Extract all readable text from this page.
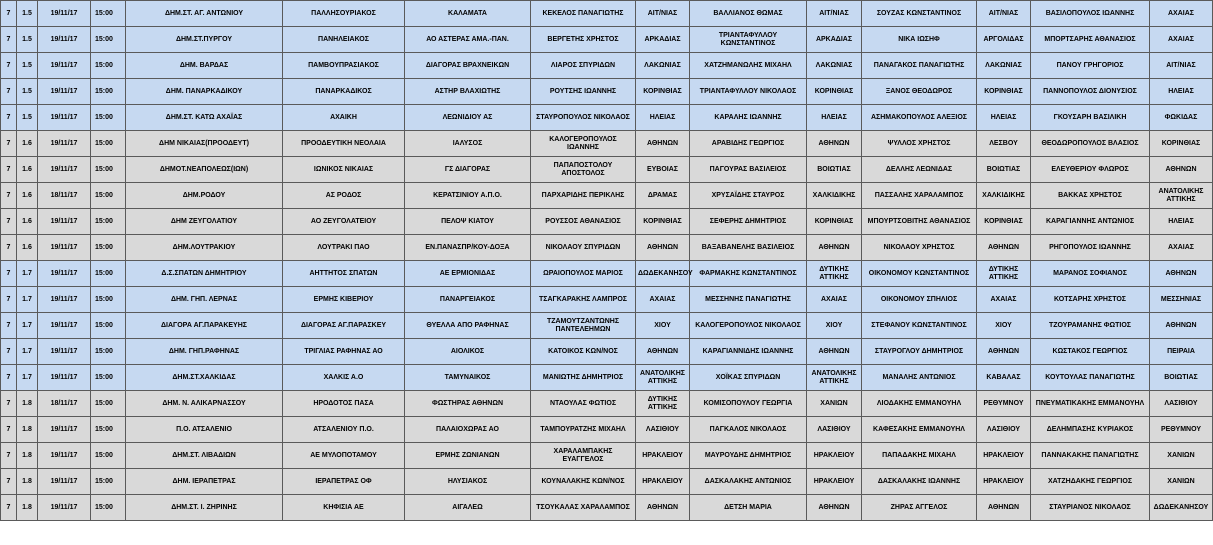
7	1.5	19/11/17	15:00	ΔΗΜ.ΣΤ. ΑΓ. ΑΝΤΩΝΙΟΥ	ΠΑΛΛΗΣΟΥΡΙΑΚΟΣ	ΚΑΛΑΜΑΤΑ	ΚΕΚΕΛΟΣ ΠΑΝΑΓΙΩΤΗΣ	ΑΙΤ/ΝΙΑΣ	ΒΑΛΛΙΑΝΟΣ ΘΩΜΑΣ	ΑΙΤ/ΝΙΑΣ	ΣΟΥΖΑΣ ΚΩΝΣΤΑΝΤΙΝΟΣ	ΑΙΤ/ΝΙΑΣ	ΒΑΣΙΛΟΠΟΥΛΟΣ ΙΩΑΝΝΗΣ	ΑΧΑΙΑΣ
7	1.5	19/11/17	15:00	ΔΗΜ.ΣΤ.ΠΥΡΓΟΥ	ΠΑΝΗΛΕΙΑΚΟΣ	ΑΟ ΑΣΤΕΡΑΣ ΑΜΑ.-ΠΑΝ.	ΒΕΡΓΕΤΗΣ ΧΡΗΣΤΟΣ	ΑΡΚΑΔΙΑΣ	ΤΡΙΑΝΤΑΦΥΛΛΟΥ ΚΩΝΣΤΑΝΤΙΝΟΣ	ΑΡΚΑΔΙΑΣ	ΝΙΚΑ ΙΩΣΗΦ	ΑΡΓΟΛΙΔΑΣ	ΜΠΟΡΤΣΑΡΗΣ ΑΘΑΝΑΣΙΟΣ	ΑΧΑΙΑΣ
7	1.5	19/11/17	15:00	ΔΗΜ. ΒΑΡΔΑΣ	ΠΑΜΒΟΥΠΡΑΣΙΑΚΟΣ	ΔΙΑΓΟΡΑΣ ΒΡΑΧΝΕΙΚΩΝ	ΛΙΑΡΟΣ ΣΠΥΡΙΔΩΝ	ΛΑΚΩΝΙΑΣ	ΧΑΤΖΗΜΑΝΩΛΗΣ ΜΙΧΑΗΛ	ΛΑΚΩΝΙΑΣ	ΠΑΝΑΓΑΚΟΣ ΠΑΝΑΓΙΩΤΗΣ	ΛΑΚΩΝΙΑΣ	ΠΑΝΟΥ ΓΡΗΓΟΡΙΟΣ	ΑΙΤ/ΝΙΑΣ
7	1.5	19/11/17	15:00	ΔΗΜ. ΠΑΝΑΡΚΑΔΙΚΟΥ	ΠΑΝΑΡΚΑΔΙΚΟΣ	ΑΣΤΗΡ ΒΛΑΧΙΩΤΗΣ	ΡΟΥΤΣΗΣ ΙΩΑΝΝΗΣ	ΚΟΡΙΝΘΙΑΣ	ΤΡΙΑΝΤΑΦΥΛΛΟΥ ΝΙΚΟΛΑΟΣ	ΚΟΡΙΝΘΙΑΣ	ΞΑΝΟΣ ΘΕΟΔΩΡΟΣ	ΚΟΡΙΝΘΙΑΣ	ΠΑΝΝΟΠΟΥΛΟΣ ΔΙΟΝΥΣΙΟΣ	ΗΛΕΙΑΣ
7	1.5	19/11/17	15:00	ΔΗΜ.ΣΤ. ΚΑΤΩ ΑΧΑΪΑΣ	ΑΧΑΙΚΗ	ΛΕΩΝΙΔΙΟΥ ΑΣ	ΣΤΑΥΡΟΠΟΥΛΟΣ ΝΙΚΟΛΑΟΣ	ΗΛΕΙΑΣ	ΚΑΡΑΛΗΣ ΙΩΑΝΝΗΣ	ΗΛΕΙΑΣ	ΑΣΗΜΑΚΟΠΟΥΛΟΣ ΑΛΕΞΙΟΣ	ΗΛΕΙΑΣ	ΓΚΟΥΣΑΡΗ ΒΑΣΙΛΙΚΗ	ΦΩΚΙΔΑΣ
7	1.6	19/11/17	15:00	ΔΗΜ ΝΙΚΑΙΑΣ(ΠΡΟΟΔΕΥΤ)	ΠΡΟΟΔΕΥΤΙΚΗ ΝΕΟΛΑΙΑ	ΙΑΛΥΣΟΣ	ΚΑΛΟΓΕΡΟΠΟΥΛΟΣ ΙΩΑΝΝΗΣ	ΑΘΗΝΩΝ	ΑΡΑΒΙΔΗΣ ΓΕΩΡΓΙΟΣ	ΑΘΗΝΩΝ	ΨΥΛΛΟΣ ΧΡΗΣΤΟΣ	ΛΕΣΒΟΥ	ΘΕΟΔΩΡΟΠΟΥΛΟΣ ΒΛΑΣΙΟΣ	ΚΟΡΙΝΘΙΑΣ
7	1.6	19/11/17	15:00	ΔΗΜΟΤ.ΝΕΑΠΟΛΕΩΣ(ΙΩΝ)	ΙΩΝΙΚΟΣ ΝΙΚΑΙΑΣ	ΓΣ ΔΙΑΓΟΡΑΣ	ΠΑΠΑΠΟΣΤΟΛΟΥ ΑΠΟΣΤΟΛΟΣ	ΕΥΒΟΙΑΣ	ΠΑΓΟΥΡΑΣ ΒΑΣΙΛΕΙΟΣ	ΒΟΙΩΤΙΑΣ	ΔΕΛΛΗΣ ΛΕΩΝΙΔΑΣ	ΒΟΙΩΤΙΑΣ	ΕΛΕΥΘΕΡΙΟΥ ΦΛΩΡΟΣ	ΑΘΗΝΩΝ
7	1.6	18/11/17	15:00	ΔΗΜ.ΡΟΔΟΥ	ΑΣ ΡΟΔΟΣ	ΚΕΡΑΤΣΙΝΙΟΥ Α.Π.Ο.	ΠΑΡΧΑΡΙΔΗΣ ΠΕΡΙΚΛΗΣ	ΔΡΑΜΑΣ	ΧΡΥΣΑΪΔΗΣ ΣΤΑΥΡΟΣ	ΧΑΛΚΙΔΙΚΗΣ	ΠΑΣΣΑΛΗΣ ΧΑΡΑΛΑΜΠΟΣ	ΧΑΛΚΙΔΙΚΗΣ	ΒΑΚΚΑΣ ΧΡΗΣΤΟΣ	ΑΝΑΤΟΛΙΚΗΣ ΑΤΤΙΚΗΣ
7	1.6	19/11/17	15:00	ΔΗΜ ΖΕΥΓΟΛΑΤΙΟΥ	ΑΟ ΖΕΥΓΟΛΑΤΕΙΟΥ	ΠΕΛΟΨ ΚΙΑΤΟΥ	ΡΟΥΣΣΟΣ ΑΘΑΝΑΣΙΟΣ	ΚΟΡΙΝΘΙΑΣ	ΣΕΦΕΡΗΣ ΔΗΜΗΤΡΙΟΣ	ΚΟΡΙΝΘΙΑΣ	ΜΠΟΥΡΤΣΟΒΙΤΗΣ ΑΘΑΝΑΣΙΟΣ	ΚΟΡΙΝΘΙΑΣ	ΚΑΡΑΓΙΑΝΝΗΣ ΑΝΤΩΝΙΟΣ	ΗΛΕΙΑΣ
7	1.6	19/11/17	15:00	ΔΗΜ.ΛΟΥΤΡΑΚΙΟΥ	ΛΟΥΤΡΑΚΙ ΠΑΟ	ΕΝ.ΠΑΝΑΣΠΡ/ΚΟΥ-ΔΟΞΑ	ΝΙΚΟΛΑΟΥ ΣΠΥΡΙΔΩΝ	ΑΘΗΝΩΝ	ΒΑΞΑΒΑΝΕΛΗΣ ΒΑΣΙΛΕΙΟΣ	ΑΘΗΝΩΝ	ΝΙΚΟΛΑΟΥ ΧΡΗΣΤΟΣ	ΑΘΗΝΩΝ	ΡΗΓΟΠΟΥΛΟΣ ΙΩΑΝΝΗΣ	ΑΧΑΙΑΣ
7	1.7	19/11/17	15:00	Δ.Σ.ΣΠΑΤΩΝ ΔΗΜΗΤΡΙΟΥ	ΑΗΤΤΗΤΟΣ ΣΠΑΤΩΝ	ΑΕ ΕΡΜΙΟΝΙΔΑΣ	ΩΡΑΙΟΠΟΥΛΟΣ ΜΑΡΙΟΣ	ΔΩΔΕΚΑΝΗΣΟΥ	ΦΑΡΜΑΚΗΣ ΚΩΝΣΤΑΝΤΙΝΟΣ	ΔΥΤΙΚΗΣ ΑΤΤΙΚΗΣ	ΟΙΚΟΝΟΜΟΥ ΚΩΝΣΤΑΝΤΙΝΟΣ	ΔΥΤΙΚΗΣ ΑΤΤΙΚΗΣ	ΜΑΡΑΝΟΣ ΣΟΦΙΑΝΟΣ	ΑΘΗΝΩΝ
7	1.7	19/11/17	15:00	ΔΗΜ. ΓΗΠ. ΛΕΡΝΑΣ	ΕΡΜΗΣ ΚΙΒΕΡΙΟΥ	ΠΑΝΑΡΓΕΙΑΚΟΣ	ΤΣΑΓΚΑΡΑΚΗΣ ΛΑΜΠΡΟΣ	ΑΧΑΙΑΣ	ΜΕΣΣΗΝΗΣ ΠΑΝΑΓΙΩΤΗΣ	ΑΧΑΙΑΣ	ΟΙΚΟΝΟΜΟΥ ΣΠΗΛΙΟΣ	ΑΧΑΙΑΣ	ΚΟΤΣΑΡΗΣ ΧΡΗΣΤΟΣ	ΜΕΣΣΗΝΙΑΣ
7	1.7	19/11/17	15:00	ΔΙΑΓΟΡΑ ΑΓ.ΠΑΡΑΚΕΥΗΣ	ΔΙΑΓΟΡΑΣ ΑΓ.ΠΑΡΑΣΚΕΥ	ΘΥΕΛΛΑ ΑΠΟ ΡΑΦΗΝΑΣ	ΤΖΑΜΟΥΤΖΑΝΤΩΝΗΣ ΠΑΝΤΕΛΕΗΜΩΝ	ΧΙΟΥ	ΚΑΛΟΓΕΡΟΠΟΥΛΟΣ ΝΙΚΟΛΑΟΣ	ΧΙΟΥ	ΣΤΕΦΑΝΟΥ ΚΩΝΣΤΑΝΤΙΝΟΣ	ΧΙΟΥ	ΤΖΟΥΡΑΜΑΝΗΣ ΦΩΤΙΟΣ	ΑΘΗΝΩΝ
7	1.7	19/11/17	15:00	ΔΗΜ. ΓΗΠ.ΡΑΦΗΝΑΣ	ΤΡΙΓΛΙΑΣ ΡΑΦΗΝΑΣ ΑΟ	ΑΙΟΛΙΚΟΣ	ΚΑΤΟΙΚΟΣ ΚΩΝ/ΝΟΣ	ΑΘΗΝΩΝ	ΚΑΡΑΓΙΑΝΝΙΔΗΣ ΙΩΑΝΝΗΣ	ΑΘΗΝΩΝ	ΣΤΑΥΡΟΓΛΟΥ ΔΗΜΗΤΡΙΟΣ	ΑΘΗΝΩΝ	ΚΩΣΤΑΚΟΣ ΓΕΩΡΓΙΟΣ	ΠΕΙΡΑΙΑ
7	1.7	19/11/17	15:00	ΔΗΜ.ΣΤ.ΧΑΛΚΙΔΑΣ	ΧΑΛΚΙΣ Α.Ο	ΤΑΜΥΝΑΙΚΟΣ	ΜΑΝΙΩΤΗΣ ΔΗΜΗΤΡΙΟΣ	ΑΝΑΤΟΛΙΚΗΣ ΑΤΤΙΚΗΣ	ΧΟΪΚΑΣ ΣΠΥΡΙΔΩΝ	ΑΝΑΤΟΛΙΚΗΣ ΑΤΤΙΚΗΣ	ΜΑΝΑΛΗΣ ΑΝΤΩΝΙΟΣ	ΚΑΒΑΛΑΣ	ΚΟΥΤΟΥΛΑΣ ΠΑΝΑΓΙΩΤΗΣ	ΒΟΙΩΤΙΑΣ
7	1.8	18/11/17	15:00	ΔΗΜ. Ν. ΑΛΙΚΑΡΝΑΣΣΟΥ	ΗΡΟΔΟΤΟΣ ΠΑΣΑ	ΦΩΣΤΗΡΑΣ ΑΘΗΝΩΝ	ΝΤΑΟΥΛΑΣ ΦΩΤΙΟΣ	ΔΥΤΙΚΗΣ ΑΤΤΙΚΗΣ	ΚΟΜΙΣΟΠΟΥΛΟΥ ΓΕΩΡΓΙΑ	ΧΑΝΙΩΝ	ΛΙΟΔΑΚΗΣ ΕΜΜΑΝΟΥΗΛ	ΡΕΘΥΜΝΟΥ	ΠΝΕΥΜΑΤΙΚΑΚΗΣ ΕΜΜΑΝΟΥΗΛ	ΛΑΣΙΘΙΟΥ
7	1.8	19/11/17	15:00	Π.Ο. ΑΤΣΑΛΕΝΙΟ	ΑΤΣΑΛΕΝΙΟΥ Π.Ο.	ΠΑΛΑΙΟΧΩΡΑΣ ΑΟ	ΤΑΜΠΟΥΡΑΤΖΗΣ ΜΙΧΑΗΛ	ΛΑΣΙΘΙΟΥ	ΠΑΓΚΑΛΟΣ ΝΙΚΟΛΑΟΣ	ΛΑΣΙΘΙΟΥ	ΚΑΦΕΣΑΚΗΣ ΕΜΜΑΝΟΥΗΛ	ΛΑΣΙΘΙΟΥ	ΔΕΛΗΜΠΑΣΗΣ ΚΥΡΙΑΚΟΣ	ΡΕΘΥΜΝΟΥ
7	1.8	19/11/17	15:00	ΔΗΜ.ΣΤ. ΛΙΒΑΔΙΩΝ	ΑΕ ΜΥΛΟΠΟΤΑΜΟΥ	ΕΡΜΗΣ ΖΩΝΙΑΝΩΝ	ΧΑΡΑΛΑΜΠΑΚΗΣ ΕΥΑΓΓΕΛΟΣ	ΗΡΑΚΛΕΙΟΥ	ΜΑΥΡΟΥΔΗΣ ΔΗΜΗΤΡΙΟΣ	ΗΡΑΚΛΕΙΟΥ	ΠΑΠΑΔΑΚΗΣ ΜΙΧΑΗΛ	ΗΡΑΚΛΕΙΟΥ	ΠΑΝΝΑΚΑΚΗΣ ΠΑΝΑΓΙΩΤΗΣ	ΧΑΝΙΩΝ
7	1.8	19/11/17	15:00	ΔΗΜ. ΙΕΡΑΠΕΤΡΑΣ	ΙΕΡΑΠΕΤΡΑΣ ΟΦ	ΗΛΥΣΙΑΚΟΣ	ΚΟΥΝΑΛΑΚΗΣ ΚΩΝ/ΝΟΣ	ΗΡΑΚΛΕΙΟΥ	ΔΑΣΚΑΛΑΚΗΣ ΑΝΤΩΝΙΟΣ	ΗΡΑΚΛΕΙΟΥ	ΔΑΣΚΑΛΑΚΗΣ ΙΩΑΝΝΗΣ	ΗΡΑΚΛΕΙΟΥ	ΧΑΤΖΗΔΑΚΗΣ ΓΕΩΡΓΙΟΣ	ΧΑΝΙΩΝ
7	1.8	19/11/17	15:00	ΔΗΜ.ΣΤ. Ι. ΖΗΡΙΝΗΣ	ΚΗΦΙΣΙΑ ΑΕ	ΑΙΓΑΛΕΩ	ΤΣΟΥΚΑΛΑΣ ΧΑΡΑΛΑΜΠΟΣ	ΑΘΗΝΩΝ	ΔΕΤΣΗ ΜΑΡΙΑ	ΑΘΗΝΩΝ	ΖΗΡΑΣ ΑΓΓΕΛΟΣ	ΑΘΗΝΩΝ	ΣΤΑΥΡΙΑΝΟΣ ΝΙΚΟΛΑΟΣ	ΔΩΔΕΚΑΝΗΣΟΥ
